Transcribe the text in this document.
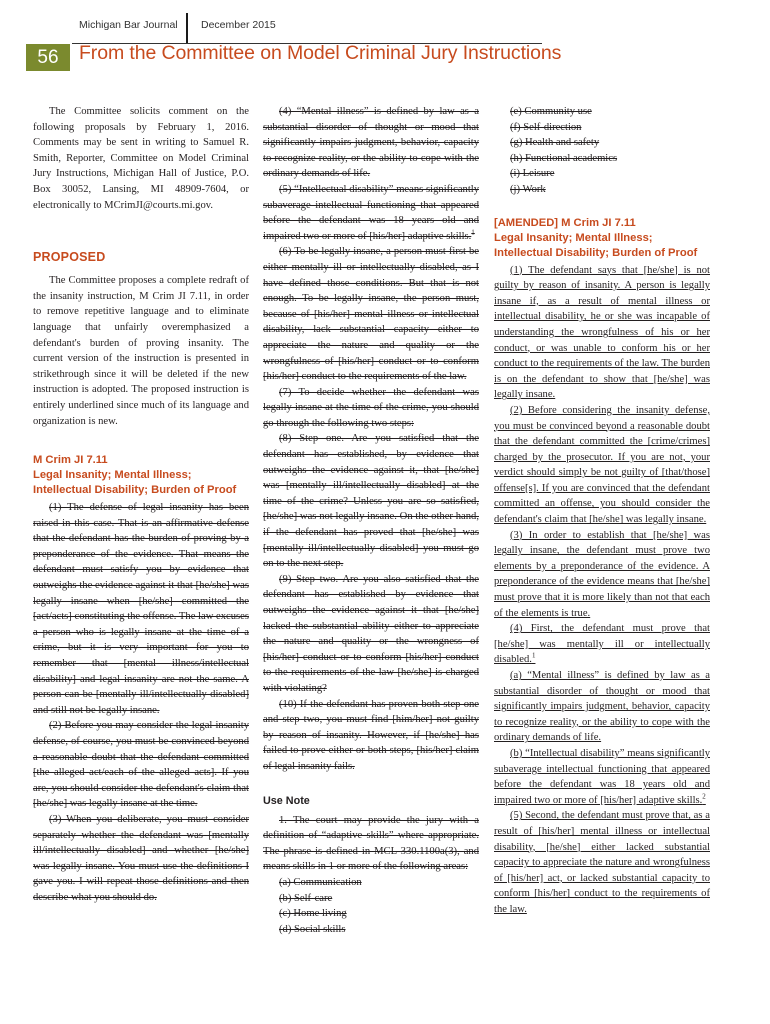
Michigan Bar Journal December 2015
56	From the Committee on Model Criminal Jury Instructions

The Committee solicits comment on the following proposals by February 1, 2016. Comments may be sent in writing to Samuel R. Smith, Reporter, Committee on Model Criminal Jury Instructions, Michigan Hall of Justice, P.O. Box 30052, Lansing, MI 48909-7604, or electronically to MCrimJI@courts.mi.gov.

PROPOSED

The Committee proposes a complete redraft of the insanity instruction, M Crim JI 7.11, in order to remove repetitive language and to eliminate language that unfairly overemphasized a defendant's burden of proving insanity. The current version of the instruction is presented in strikethrough since it will be deleted if the new instruction is adopted. The proposed instruction is entirely underlined since much of its language and organization is new.

M Crim JI 7.11
Legal Insanity; Mental Illness; Intellectual Disability; Burden of Proof

(1) The defense of legal insanity has been raised in this case. That is an affirmative defense that the defendant has the burden of proving by a preponderance of the evidence. That means the defendant must satisfy you by evidence that outweighs the evidence against it that [he/she] was legally insane when [he/she] committed the [act/acts] constituting the offense. The law excuses a person who is legally insane at the time of a crime, but it is very important for you to remember that [mental illness/intellectual disability] and legal insanity are not the same. A person can be [mentally ill/intellectually disabled] and still not be legally insane.

(2) Before you may consider the legal insanity defense, of course, you must be convinced beyond a reasonable doubt that the defendant committed [the alleged act/each of the alleged acts]. If you are, you should consider the defendant's claim that [he/she] was legally insane at the time.

(3) When you deliberate, you must consider separately whether the defendant was [mentally ill/intellectually disabled] and whether [he/she] was legally insane. You must use the definitions I gave you. I will repeat those definitions and then describe what you should do.

(4) “Mental illness” is defined by law as a substantial disorder of thought or mood that significantly impairs judgment, behavior, capacity to recognize reality, or the ability to cope with the ordinary demands of life.

(5) “Intellectual disability” means significantly subaverage intellectual functioning that appeared before the defendant was 18 years old and impaired two or more of [his/her] adaptive skills.$^1$

(6) To be legally insane, a person must first be either mentally ill or intellectually disabled, as I have defined those conditions. But that is not enough. To be legally insane, the person must, because of [his/her] mental illness or intellectual disability, lack substantial capacity either to appreciate the nature and quality or the wrongfulness of [his/her] conduct or to conform [his/her] conduct to the requirements of the law.

(7) To decide whether the defendant was legally insane at the time of the crime, you should go through the following two steps:

(8) Step one. Are you satisfied that the defendant has established, by evidence that outweighs the evidence against it, that [he/she] was [mentally ill/intellectually disabled] at the time of the crime? Unless you are so satisfied, [he/she] was not legally insane. On the other hand, if the defendant has proved that [he/she] was [mentally ill/intellectually disabled] you must go on to the next step.

(9) Step two. Are you also satisfied that the defendant has established by evidence that outweighs the evidence against it that [he/she] lacked the substantial ability either to appreciate the nature and quality or the wrongness of [his/her] conduct or to conform [his/her] conduct to the requirements of the law [he/she] is charged with violating?

(10) If the defendant has proven both step one and step two, you must find [him/her] not guilty by reason of insanity. However, if [he/she] has failed to prove either or both steps, [his/her] claim of legal insanity fails.

Use Note

1. The court may provide the jury with a definition of “adaptive skills” where appropriate. The phrase is defined in MCL 330.1100a(3), and means skills in 1 or more of the following areas:

(a) Communication

(b) Self-care

(c) Home living

(d) Social skills

(e) Community use

(f) Self-direction

(g) Health and safety

(h) Functional academics

(i) Leisure

(j) Work

[AMENDED] M Crim JI 7.11
Legal Insanity; Mental Illness; Intellectual Disability; Burden of Proof

(1) The defendant says that [he/she] is not guilty by reason of insanity. A person is legally insane if, as a result of mental illness or intellectual disability, he or she was incapable of understanding the wrongfulness of his or her conduct, or was unable to conform his or her conduct to the requirements of the law. The burden is on the defendant to show that [he/she] was legally insane.

(2) Before considering the insanity defense, you must be convinced beyond a reasonable doubt that the defendant committed the [crime/crimes] charged by the prosecutor. If you are not, your verdict should simply be not guilty of [that/those] offense[s]. If you are convinced that the defendant committed an offense, you should consider the defendant's claim that [he/she] was legally insane.

(3) In order to establish that [he/she] was legally insane, the defendant must prove two elements by a preponderance of the evidence. A preponderance of the evidence means that [he/she] must prove that it is more likely than not that each of the elements is true.

(4) First, the defendant must prove that [he/she] was mentally ill or intellectually disabled.$^1$

(a) “Mental illness” is defined by law as a substantial disorder of thought or mood that significantly impairs judgment, behavior, capacity to recognize reality, or the ability to cope with the ordinary demands of life.

(b) “Intellectual disability” means significantly subaverage intellectual functioning that appeared before the defendant was 18 years old and impaired two or more of [his/her] adaptive skills.$^2$

(5) Second, the defendant must prove that, as a result of [his/her] mental illness or intellectual disability, [he/she] either lacked substantial capacity to appreciate the nature and wrongfulness of [his/her] act, or lacked substantial capacity to conform [his/her] conduct to the requirements of the law.
